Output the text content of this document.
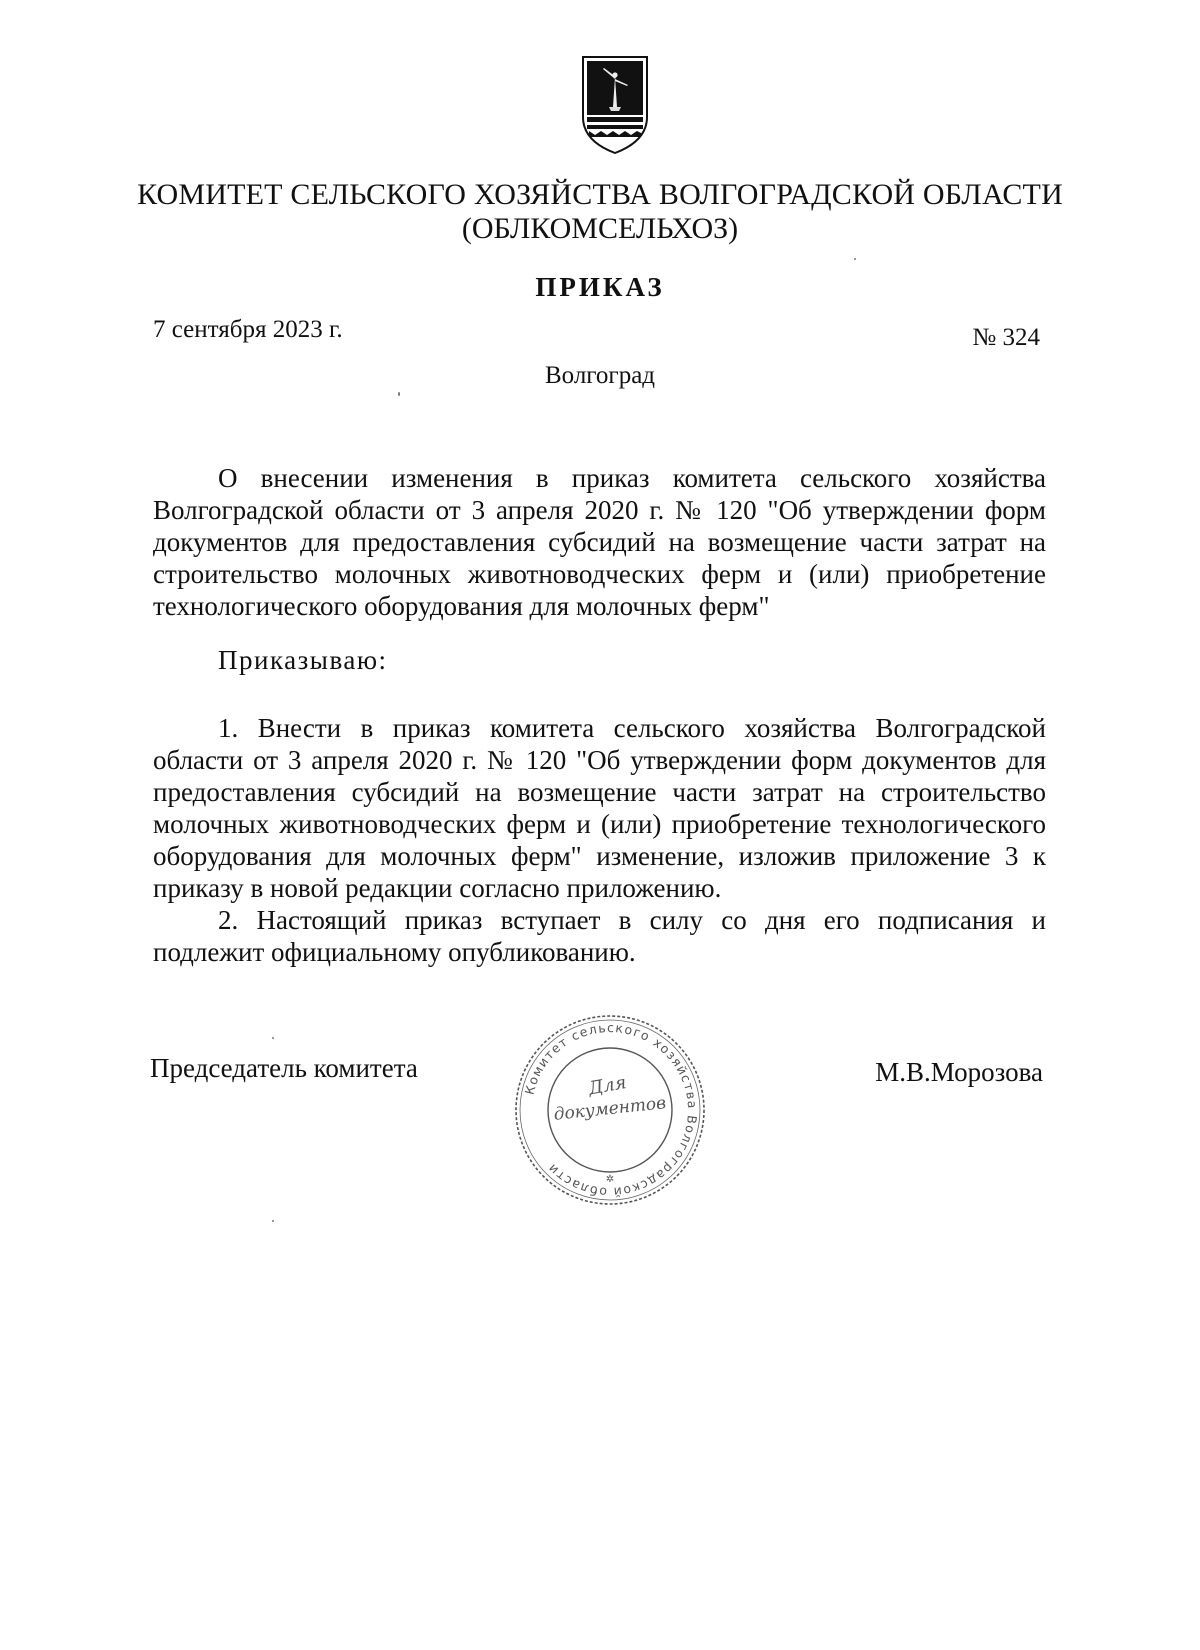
КОМИТЕТ СЕЛЬСКОГО ХОЗЯЙСТВА ВОЛГОГРАДСКОЙ ОБЛАСТИ
(ОБЛКОМСЕЛЬХОЗ)
ПРИКАЗ
7 сентября 2023 г.	№ 324
Волгоград
О внесении изменения в приказ комитета сельского хозяйства Волгоградской области от 3 апреля 2020 г. № 120 "Об утверждении форм документов для предоставления субсидий на возмещение части затрат на строительство молочных животноводческих ферм и (или) приобретение технологического оборудования для молочных ферм"
Приказываю:
1. Внести в приказ комитета сельского хозяйства Волгоградской области от 3 апреля 2020 г. № 120 "Об утверждении форм документов для предоставления субсидий на возмещение части затрат на строительство молочных животноводческих ферм и (или) приобретение технологического оборудования для молочных ферм" изменение, изложив приложение 3 к приказу в новой редакции согласно приложению.
2. Настоящий приказ вступает в силу со дня его подписания и подлежит официальному опубликованию.
Председатель комитета	М.В.Морозова
Комитет сельского хозяйства Волгоградской области
Для
документов
✲
